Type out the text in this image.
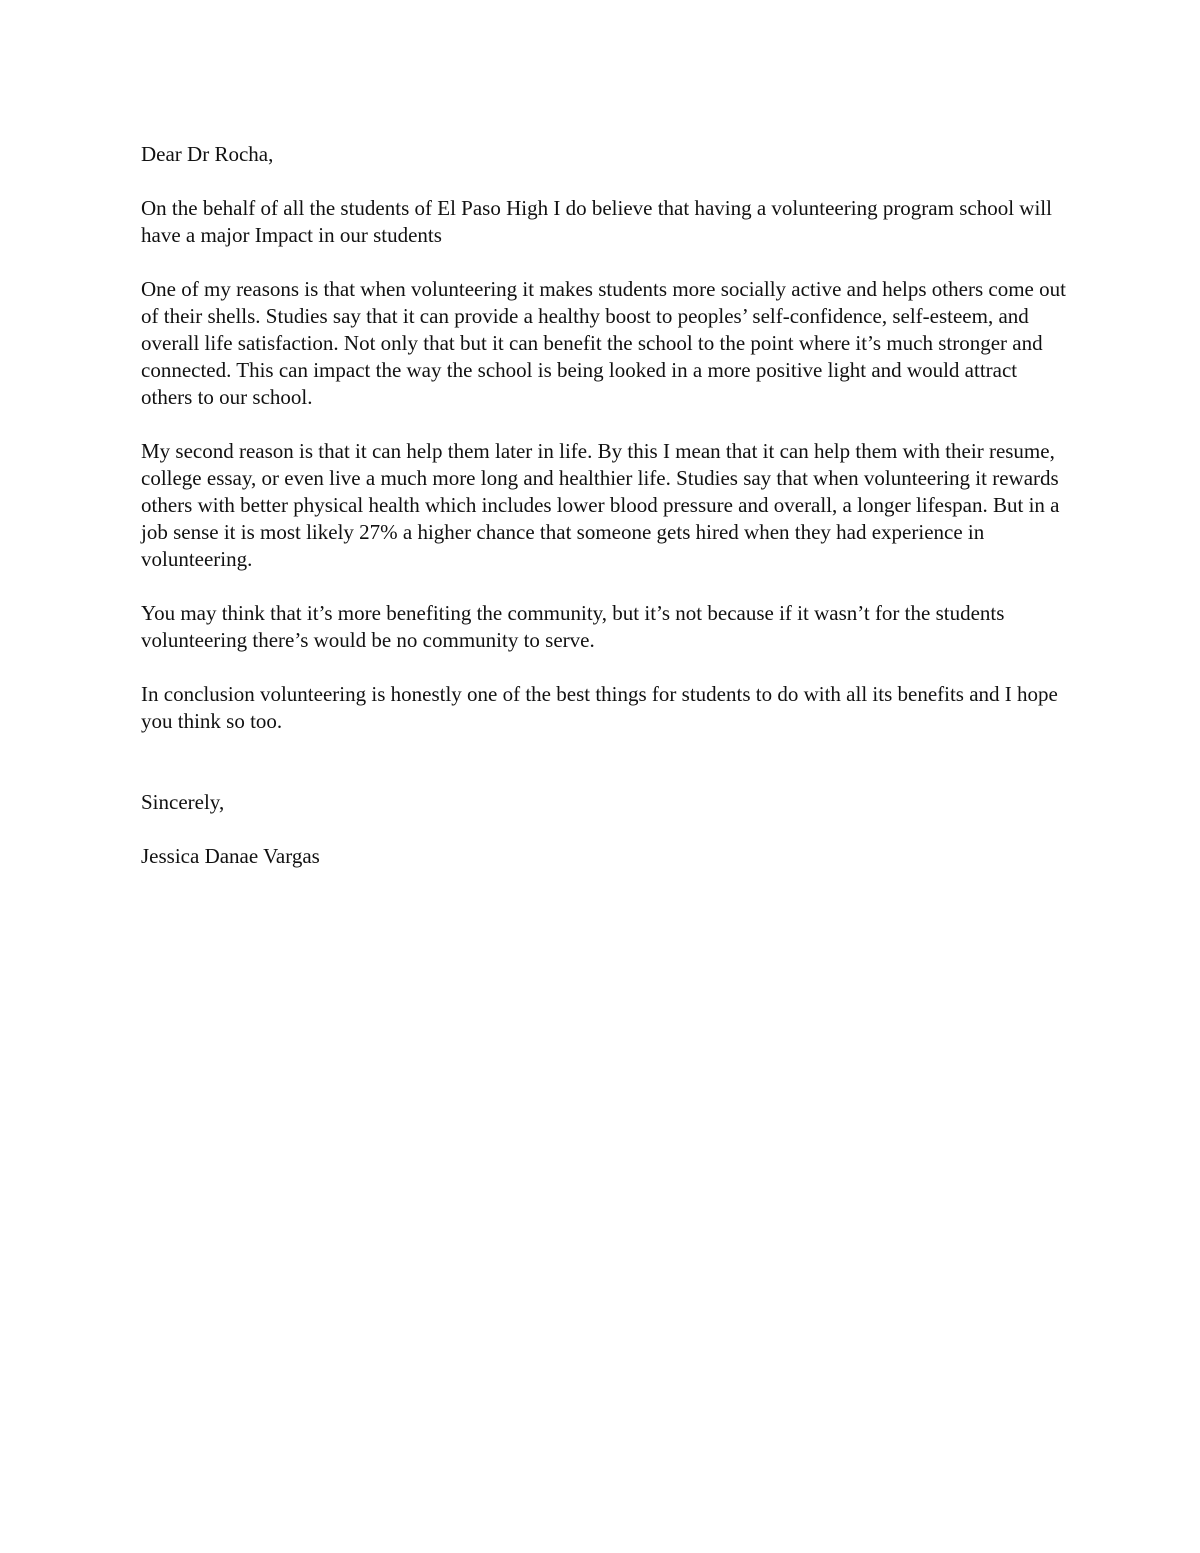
Dear Dr Rocha,

On the behalf of all the students of El Paso High I do believe that having a volunteering program school will have a major Impact in our students

One of my reasons is that when volunteering it makes students more socially active and helps others come out of their shells. Studies say that it can provide a healthy boost to peoples’ self-confidence, self-esteem, and overall life satisfaction. Not only that but it can benefit the school to the point where it’s much stronger and connected. This can impact the way the school is being looked in a more positive light and would attract others to our school.

My second reason is that it can help them later in life. By this I mean that it can help them with their resume, college essay, or even live a much more long and healthier life. Studies say that when volunteering it rewards others with better physical health which includes lower blood pressure and overall, a longer lifespan. But in a job sense it is most likely 27% a higher chance that someone gets hired when they had experience in volunteering.

You may think that it’s more benefiting the community, but it’s not because if it wasn’t for the students volunteering there’s would be no community to serve.

In conclusion volunteering is honestly one of the best things for students to do with all its benefits and I hope you think so too.

Sincerely,

Jessica Danae Vargas
